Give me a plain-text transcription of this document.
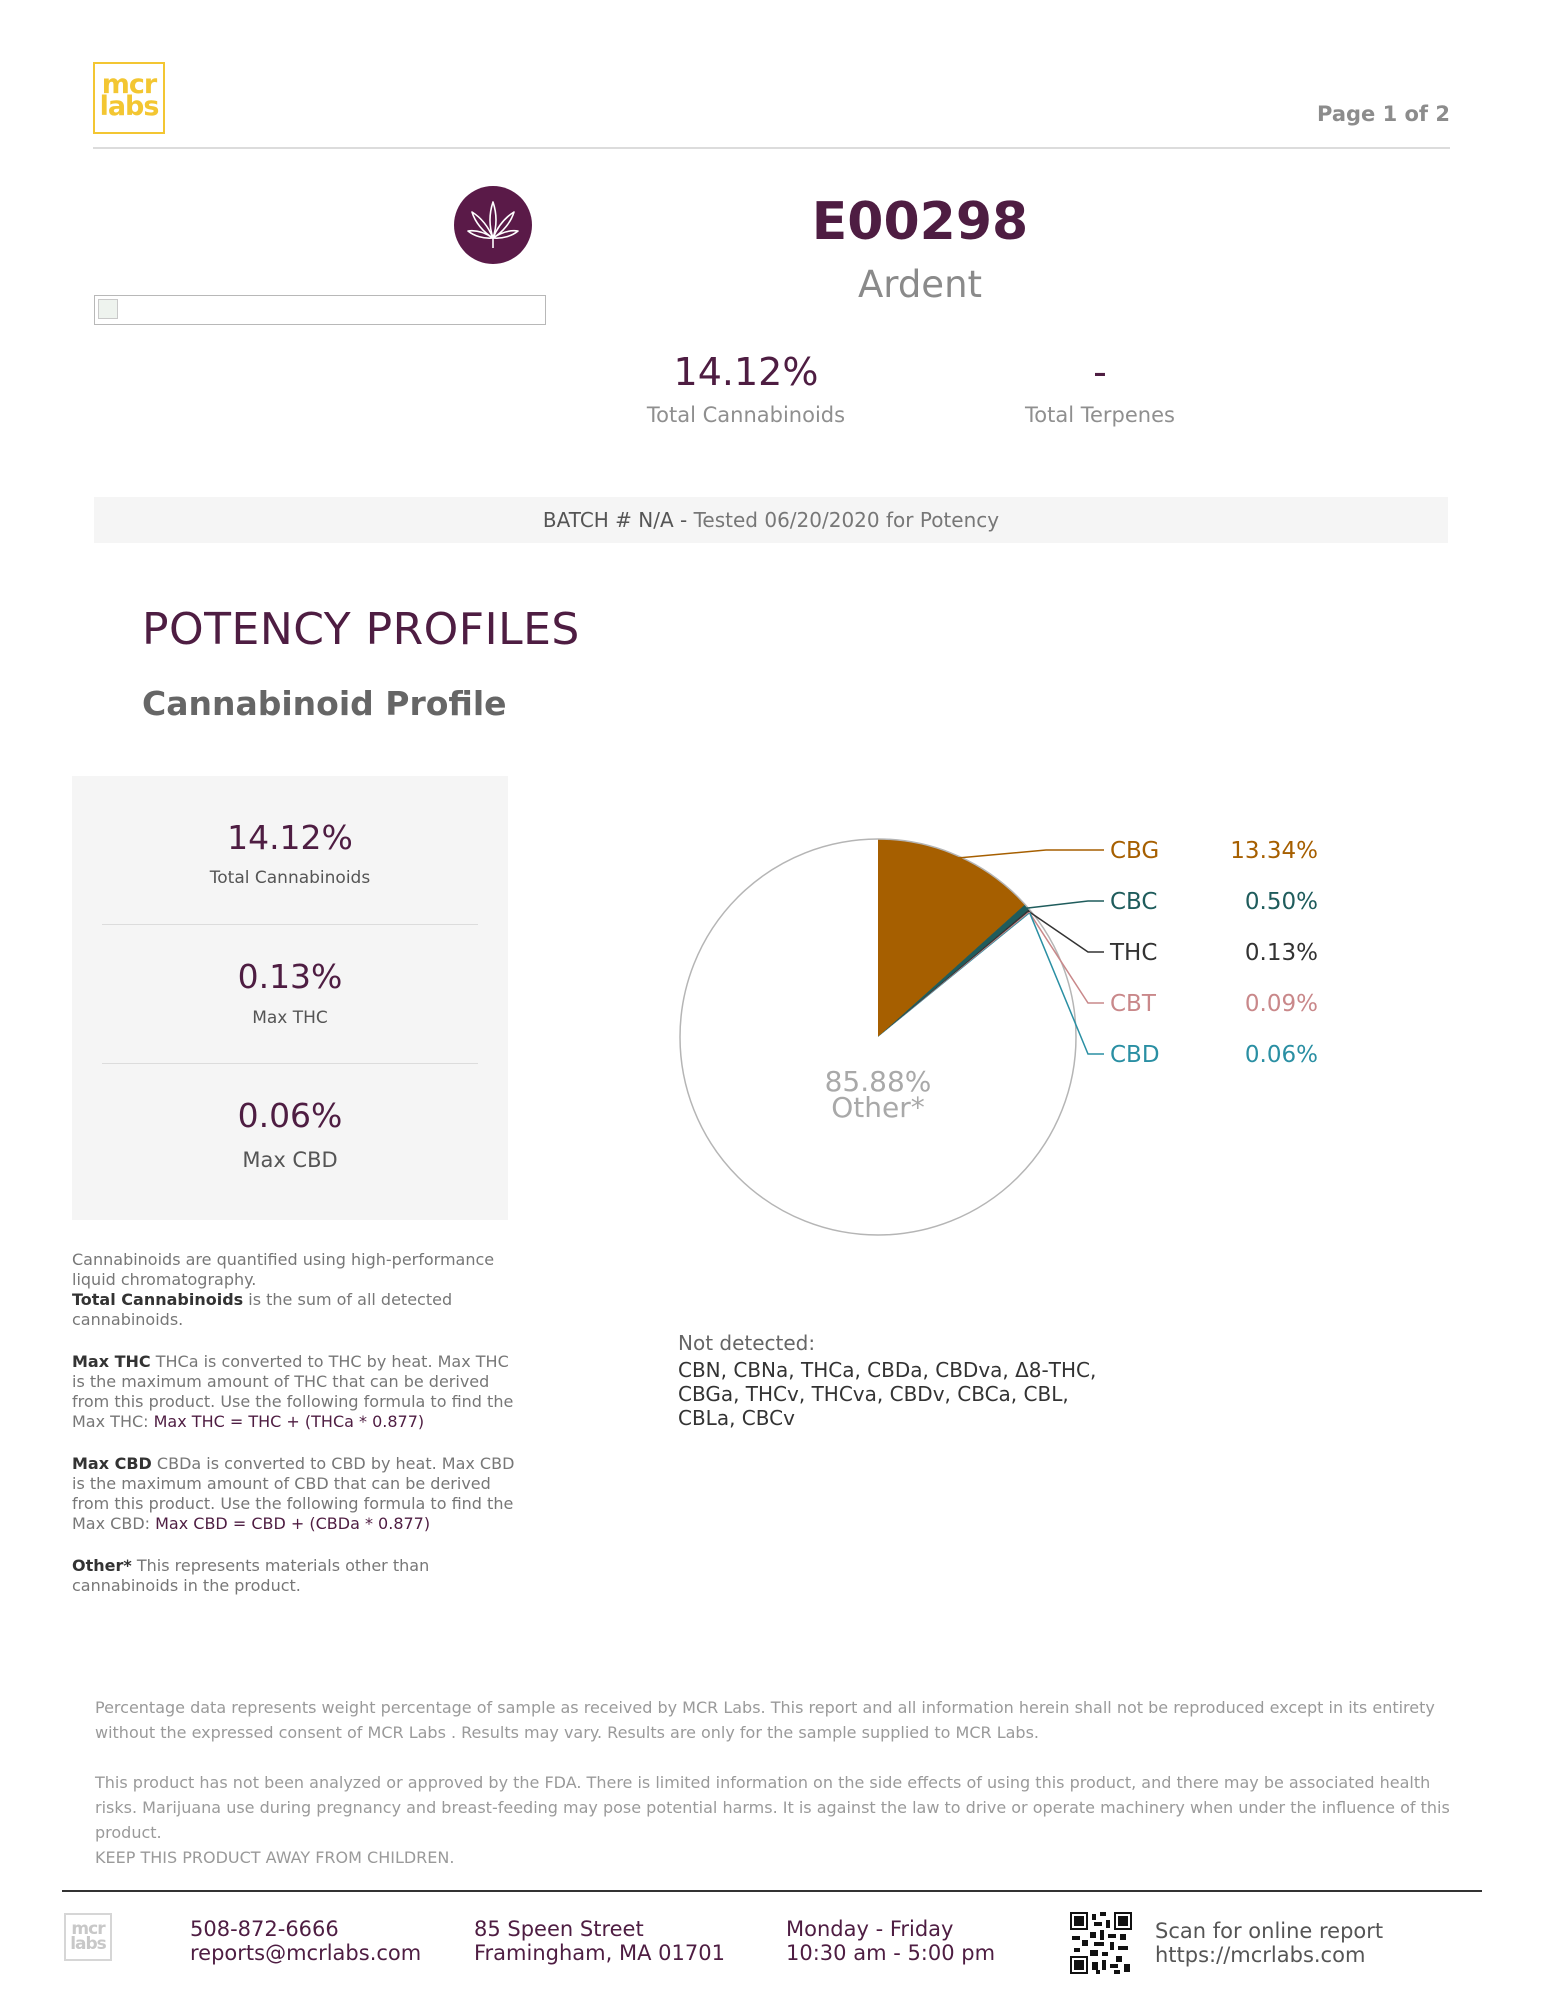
mcr
labs	Page 1 of 2
E00298
Ardent
14.12%
Total Cannabinoids
-
Total Terpenes
BATCH # N/A - Tested 06/20/2020 for Potency
POTENCY PROFILES
Cannabinoid Profile
14.12%
Total Cannabinoids
0.13%
Max THC
0.06%
Max CBD

Cannabinoids are quantified using high-performance liquid chromatography.

Total Cannabinoids is the sum of all detected cannabinoids.

Max THC THCa is converted to THC by heat. Max THC is the maximum amount of THC that can be derived from this product. Use the following formula to find the Max THC: Max THC = THC + (THCa * 0.877)

Max CBD CBDa is converted to CBD by heat. Max CBD is the maximum amount of CBD that can be derived from this product. Use the following formula to find the Max CBD: Max CBD = CBD + (CBDa * 0.877)

Other* This represents materials other than cannabinoids in the product.

CBG	13.34%
CBC	0.50%
THC	0.13%
CBT	0.09%
CBD	0.06%
85.88%
Other*
Not detected:
CBN, CBNa, THCa, CBDa, CBDva, Δ8-THC, CBGa, THCv, THCva, CBDv, CBCa, CBL, CBLa, CBCv
Percentage data represents weight percentage of sample as received by MCR Labs. This report and all information herein shall not be reproduced except in its entirety without the expressed consent of MCR Labs . Results may vary. Results are only for the sample supplied to MCR Labs.
This product has not been analyzed or approved by the FDA. There is limited information on the side effects of using this product, and there may be associated health risks. Marijuana use during pregnancy and breast-feeding may pose potential harms. It is against the law to drive or operate machinery when under the influence of this product.
KEEP THIS PRODUCT AWAY FROM CHILDREN.
mcr
labs
508-872-6666
reports@mcrlabs.com
85 Speen Street
Framingham, MA 01701
Monday - Friday
10:30 am - 5:00 pm
Scan for online report
https://mcrlabs.com
